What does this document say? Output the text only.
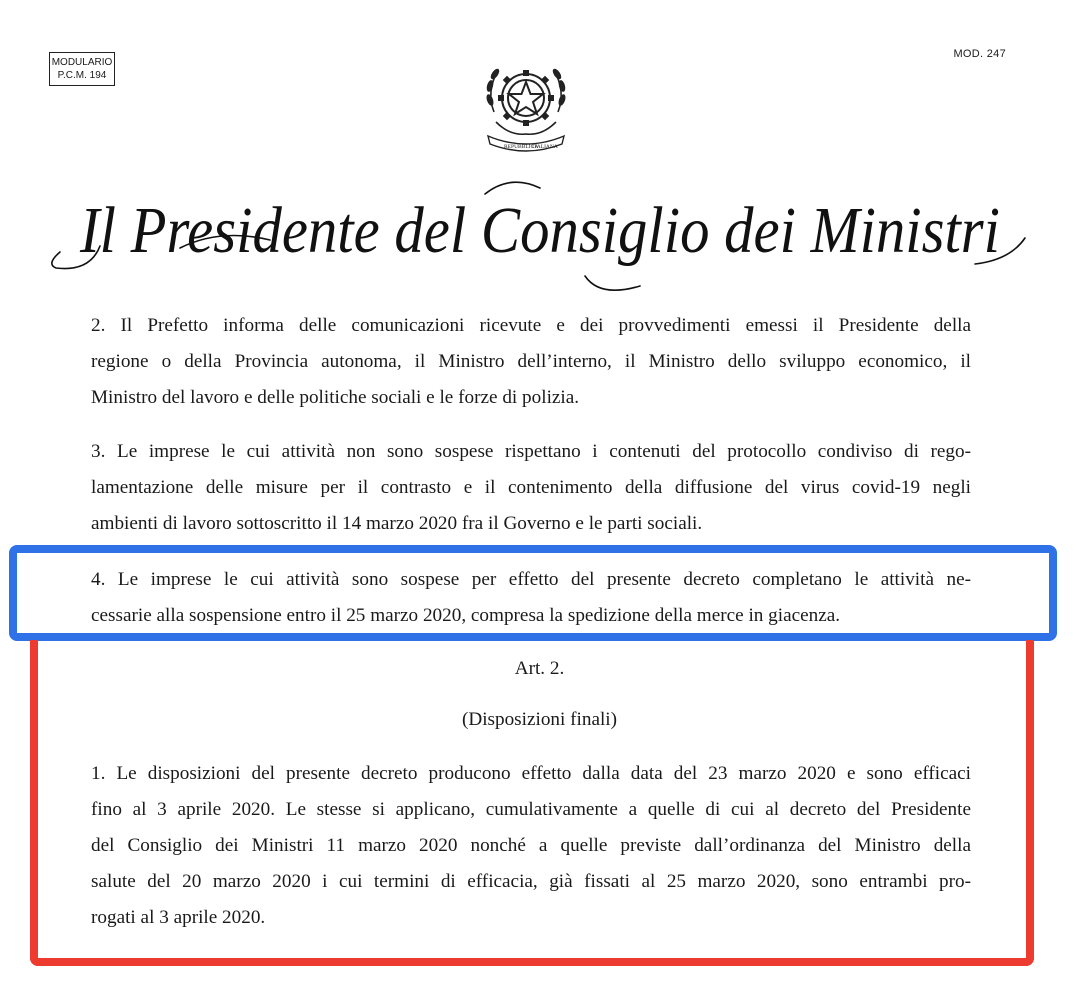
MODULARIO
P.C.M. 194
MOD. 247
REPUBBLICA
ITALIANA
Il Presidente del Consiglio dei Ministri
2. Il Prefetto informa delle comunicazioni ricevute e dei provvedimenti emessi il Presidente della
regione o della Provincia autonoma, il Ministro dell’interno, il Ministro dello sviluppo economico, il
Ministro del lavoro e delle politiche sociali e le forze di polizia.
3. Le imprese le cui attività non sono sospese rispettano i contenuti del protocollo condiviso di rego-
lamentazione delle misure per il contrasto e il contenimento della diffusione del virus covid-19 negli
ambienti di lavoro sottoscritto il 14 marzo 2020 fra il Governo e le parti sociali.
4. Le imprese le cui attività sono sospese per effetto del presente decreto completano le attività ne-
cessarie alla sospensione entro il 25 marzo 2020, compresa la spedizione della merce in giacenza.
Art. 2.
(Disposizioni finali)
1. Le disposizioni del presente decreto producono effetto dalla data del 23 marzo 2020 e sono efficaci
fino al 3 aprile 2020. Le stesse si applicano, cumulativamente a quelle di cui al decreto del Presidente
del Consiglio dei Ministri 11 marzo 2020 nonché a quelle previste dall’ordinanza del Ministro della
salute del 20 marzo 2020 i cui termini di efficacia, già fissati al 25 marzo 2020, sono entrambi pro-
rogati al 3 aprile 2020.
